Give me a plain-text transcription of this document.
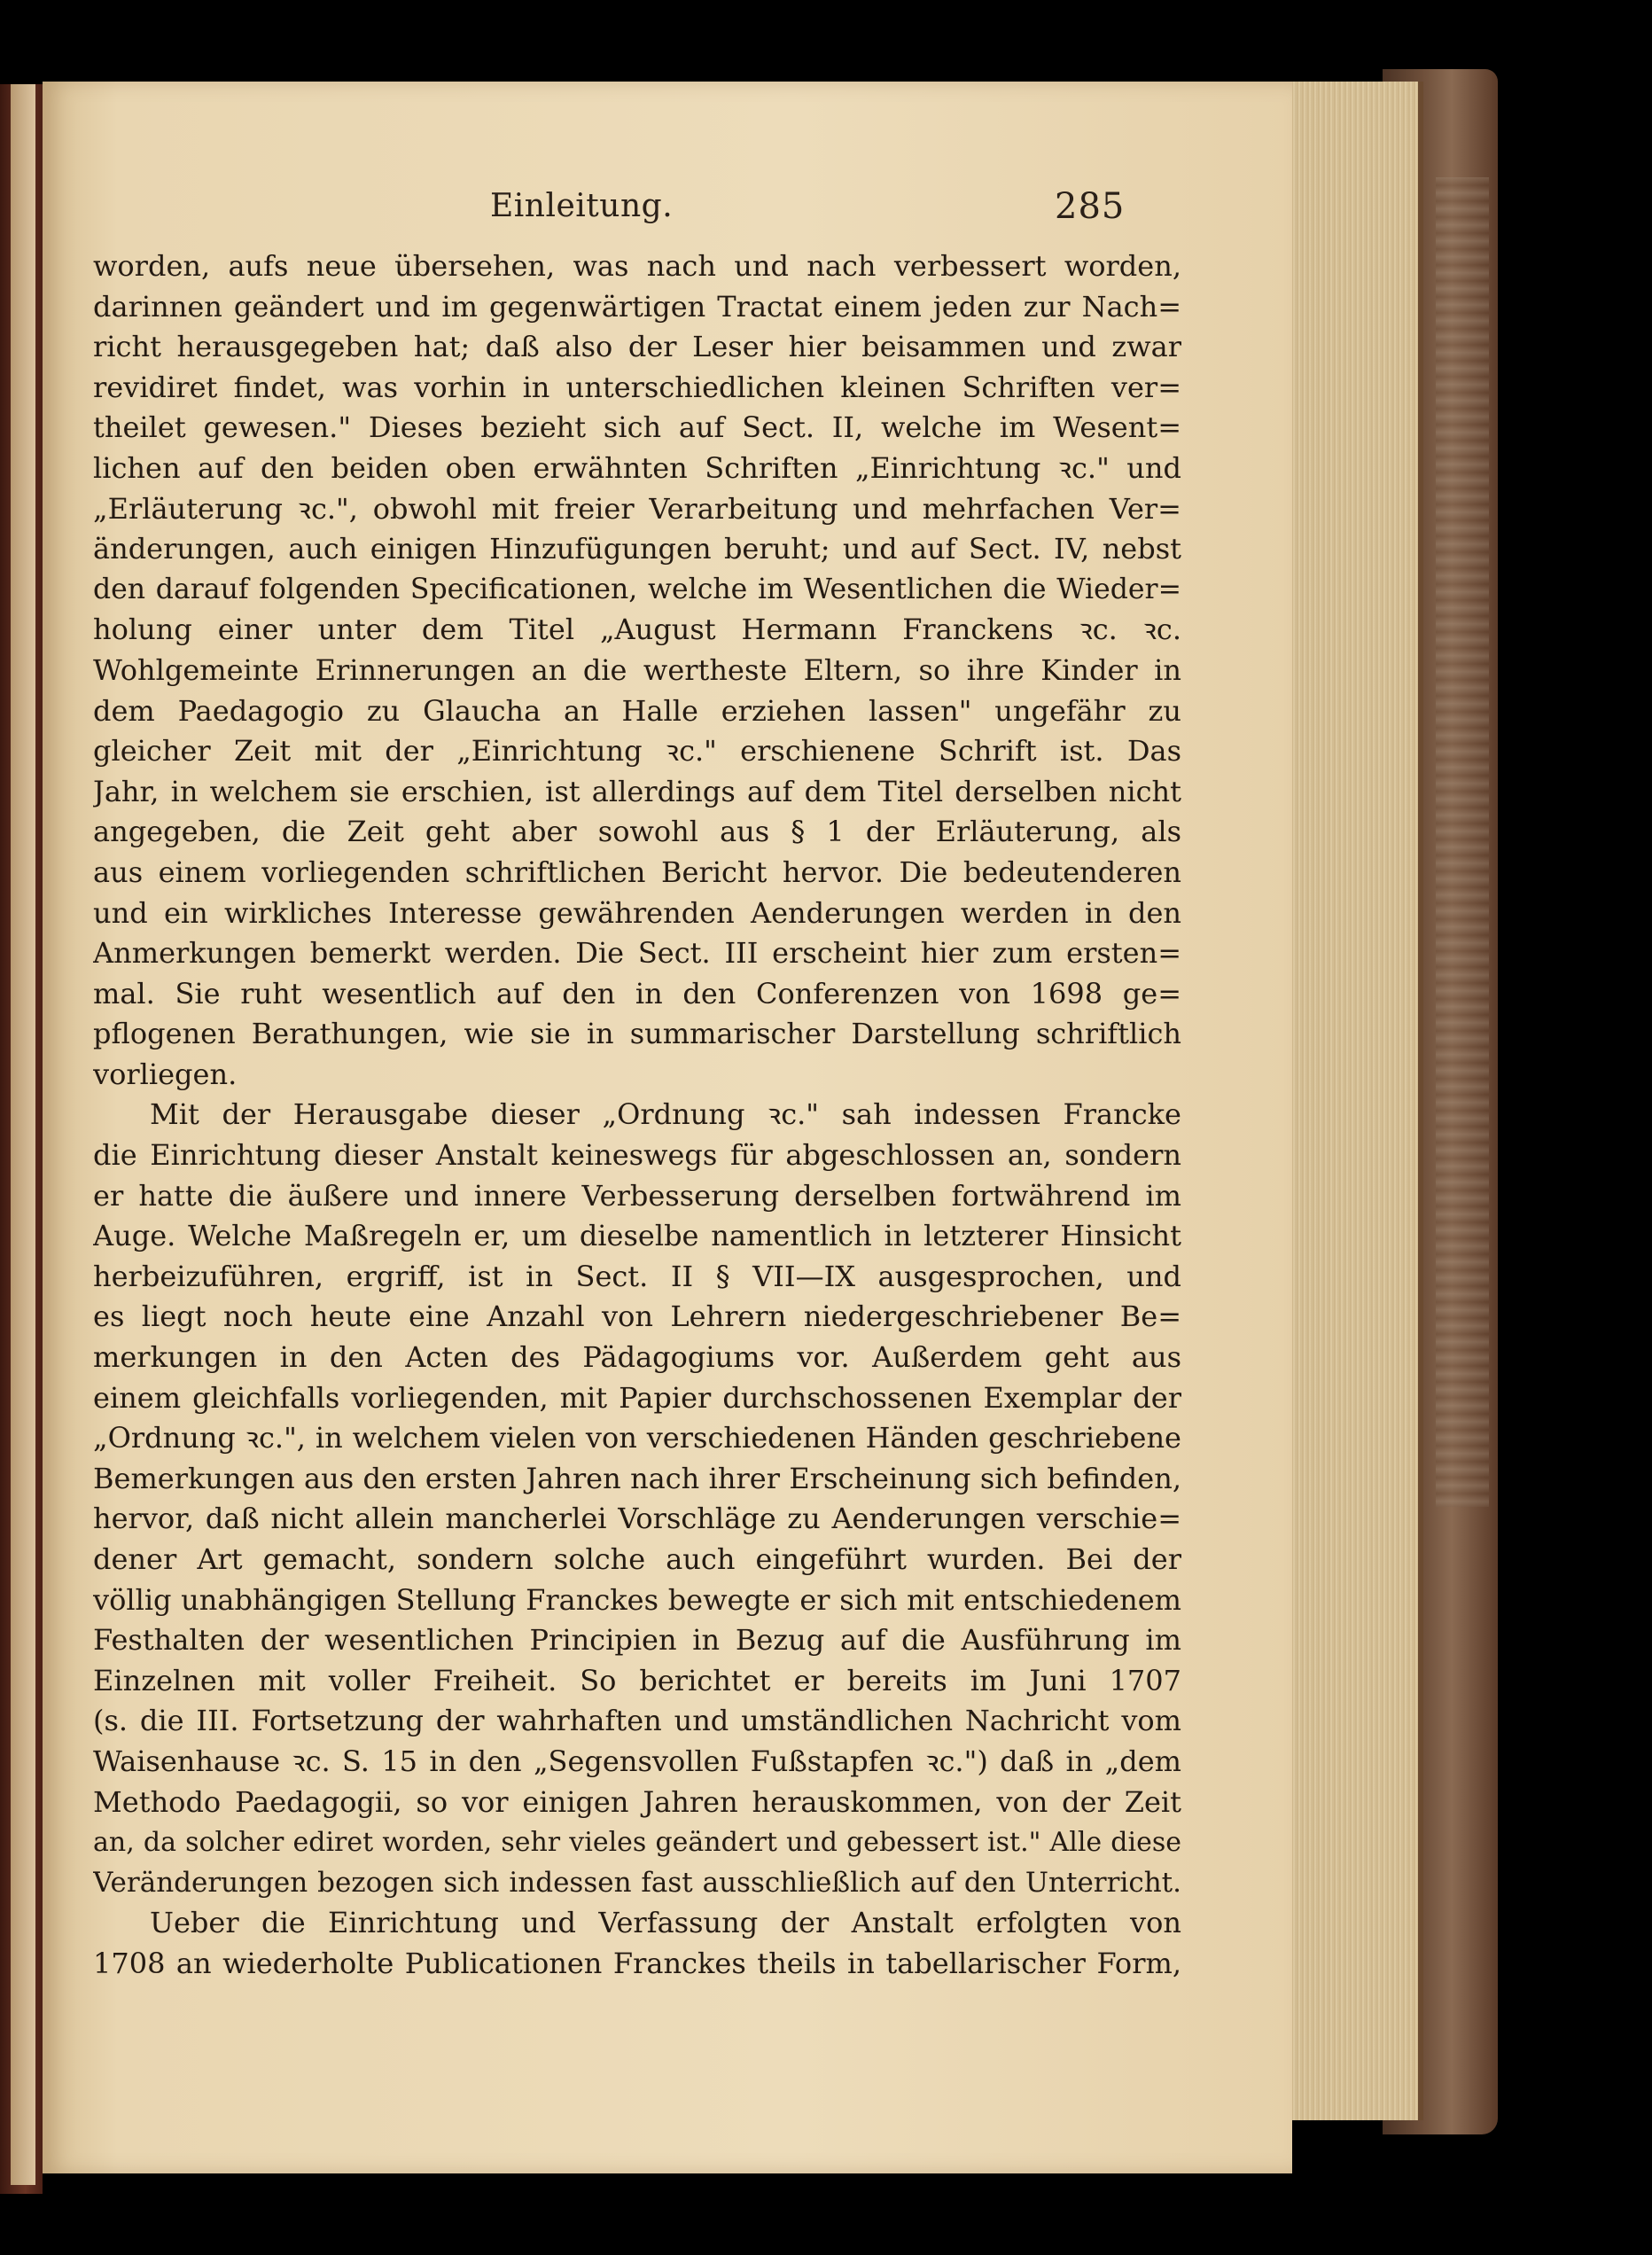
Einleitung.	285
worden, aufs neue übersehen, was nach und nach verbessert worden,
darinnen geändert und im gegenwärtigen Tractat einem jeden zur Nach=
richt herausgegeben hat; daß also der Leser hier beisammen und zwar
revidiret findet, was vorhin in unterschiedlichen kleinen Schriften ver=
theilet gewesen." Dieses bezieht sich auf Sect. II, welche im Wesent=
lichen auf den beiden oben erwähnten Schriften „Einrichtung ꝛc." und
„Erläuterung ꝛc.", obwohl mit freier Verarbeitung und mehrfachen Ver=
änderungen, auch einigen Hinzufügungen beruht; und auf Sect. IV, nebst
den darauf folgenden Specificationen, welche im Wesentlichen die Wieder=
holung einer unter dem Titel „August Hermann Franckens ꝛc. ꝛc.
Wohlgemeinte Erinnerungen an die wertheste Eltern, so ihre Kinder in
dem Paedagogio zu Glaucha an Halle erziehen lassen" ungefähr zu
gleicher Zeit mit der „Einrichtung ꝛc." erschienene Schrift ist. Das
Jahr, in welchem sie erschien, ist allerdings auf dem Titel derselben nicht
angegeben, die Zeit geht aber sowohl aus § 1 der Erläuterung, als
aus einem vorliegenden schriftlichen Bericht hervor. Die bedeutenderen
und ein wirkliches Interesse gewährenden Aenderungen werden in den
Anmerkungen bemerkt werden. Die Sect. III erscheint hier zum ersten=
mal. Sie ruht wesentlich auf den in den Conferenzen von 1698 ge=
pflogenen Berathungen, wie sie in summarischer Darstellung schriftlich
vorliegen.
Mit der Herausgabe dieser „Ordnung ꝛc." sah indessen Francke
die Einrichtung dieser Anstalt keineswegs für abgeschlossen an, sondern
er hatte die äußere und innere Verbesserung derselben fortwährend im
Auge. Welche Maßregeln er, um dieselbe namentlich in letzterer Hinsicht
herbeizuführen, ergriff, ist in Sect. II § VII—IX ausgesprochen, und
es liegt noch heute eine Anzahl von Lehrern niedergeschriebener Be=
merkungen in den Acten des Pädagogiums vor. Außerdem geht aus
einem gleichfalls vorliegenden, mit Papier durchschossenen Exemplar der
„Ordnung ꝛc.", in welchem vielen von verschiedenen Händen geschriebene
Bemerkungen aus den ersten Jahren nach ihrer Erscheinung sich befinden,
hervor, daß nicht allein mancherlei Vorschläge zu Aenderungen verschie=
dener Art gemacht, sondern solche auch eingeführt wurden. Bei der
völlig unabhängigen Stellung Franckes bewegte er sich mit entschiedenem
Festhalten der wesentlichen Principien in Bezug auf die Ausführung im
Einzelnen mit voller Freiheit. So berichtet er bereits im Juni 1707
(s. die III. Fortsetzung der wahrhaften und umständlichen Nachricht vom
Waisenhause ꝛc. S. 15 in den „Segensvollen Fußstapfen ꝛc.") daß in „dem
Methodo Paedagogii, so vor einigen Jahren herauskommen, von der Zeit
an, da solcher ediret worden, sehr vieles geändert und gebessert ist." Alle diese
Veränderungen bezogen sich indessen fast ausschließlich auf den Unterricht.
Ueber die Einrichtung und Verfassung der Anstalt erfolgten von
1708 an wiederholte Publicationen Franckes theils in tabellarischer Form,
